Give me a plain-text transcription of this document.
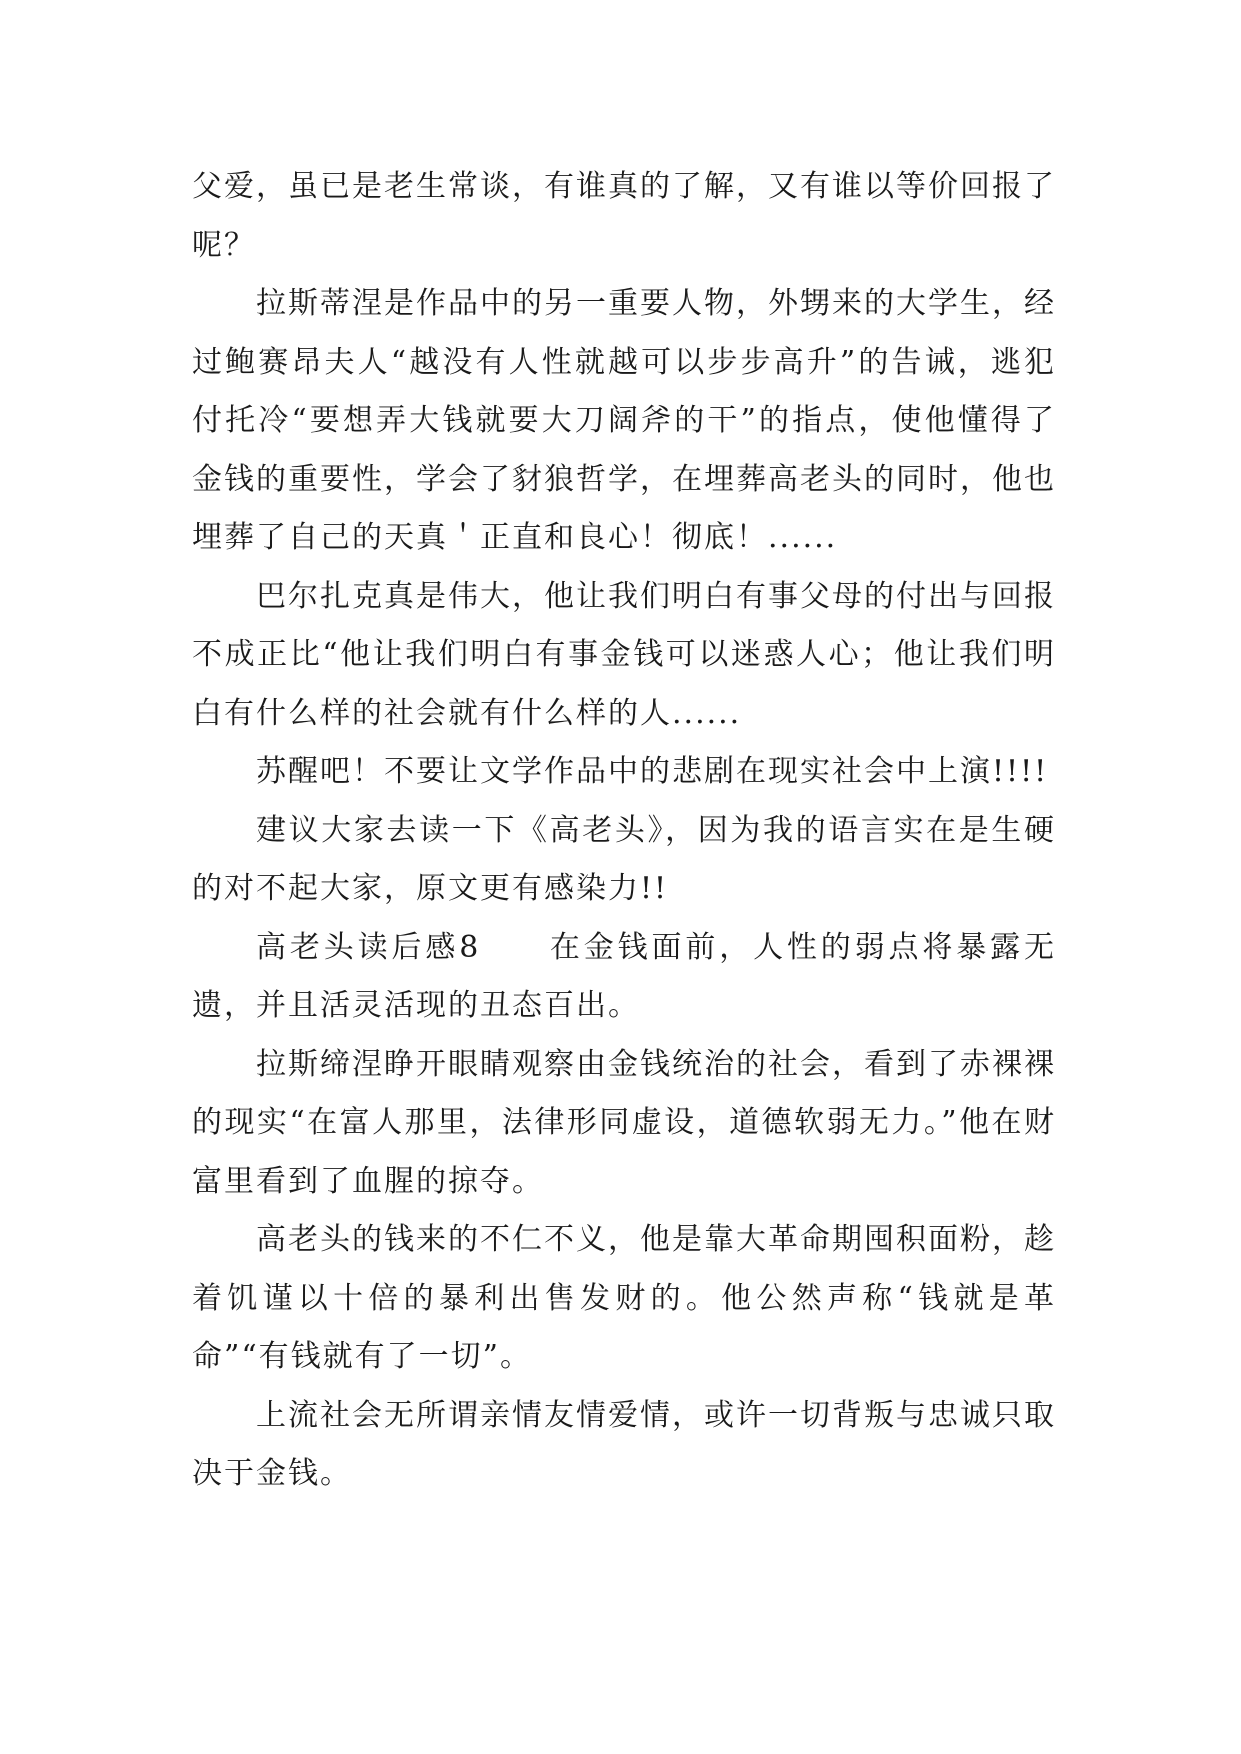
父爱，虽已是老生常谈，有谁真的了解，又有谁以等价回报了呢？

拉斯蒂涅是作品中的另一重要人物，外甥来的大学生，经过鲍赛昂夫人“越没有人性就越可以步步高升”的告诫，逃犯付托冷“要想弄大钱就要大刀阔斧的干”的指点，使他懂得了金钱的重要性，学会了豺狼哲学，在埋葬高老头的同时，他也埋葬了自己的天真＇正直和良心！彻底！......

巴尔扎克真是伟大，他让我们明白有事父母的付出与回报不成正比“他让我们明白有事金钱可以迷惑人心；他让我们明白有什么样的社会就有什么样的人......

苏醒吧！不要让文学作品中的悲剧在现实社会中上演!!!!

建议大家去读一下《高老头》，因为我的语言实在是生硬的对不起大家，原文更有感染力!!

高老头读后感8　　在金钱面前，人性的弱点将暴露无遗，并且活灵活现的丑态百出。

拉斯缔涅睁开眼睛观察由金钱统治的社会，看到了赤裸裸的现实“在富人那里，法律形同虚设，道德软弱无力。”他在财富里看到了血腥的掠夺。

高老头的钱来的不仁不义，他是靠大革命期囤积面粉，趁着饥谨以十倍的暴利出售发财的。他公然声称“钱就是革命”“有钱就有了一切”。

上流社会无所谓亲情友情爱情，或许一切背叛与忠诚只取决于金钱。
